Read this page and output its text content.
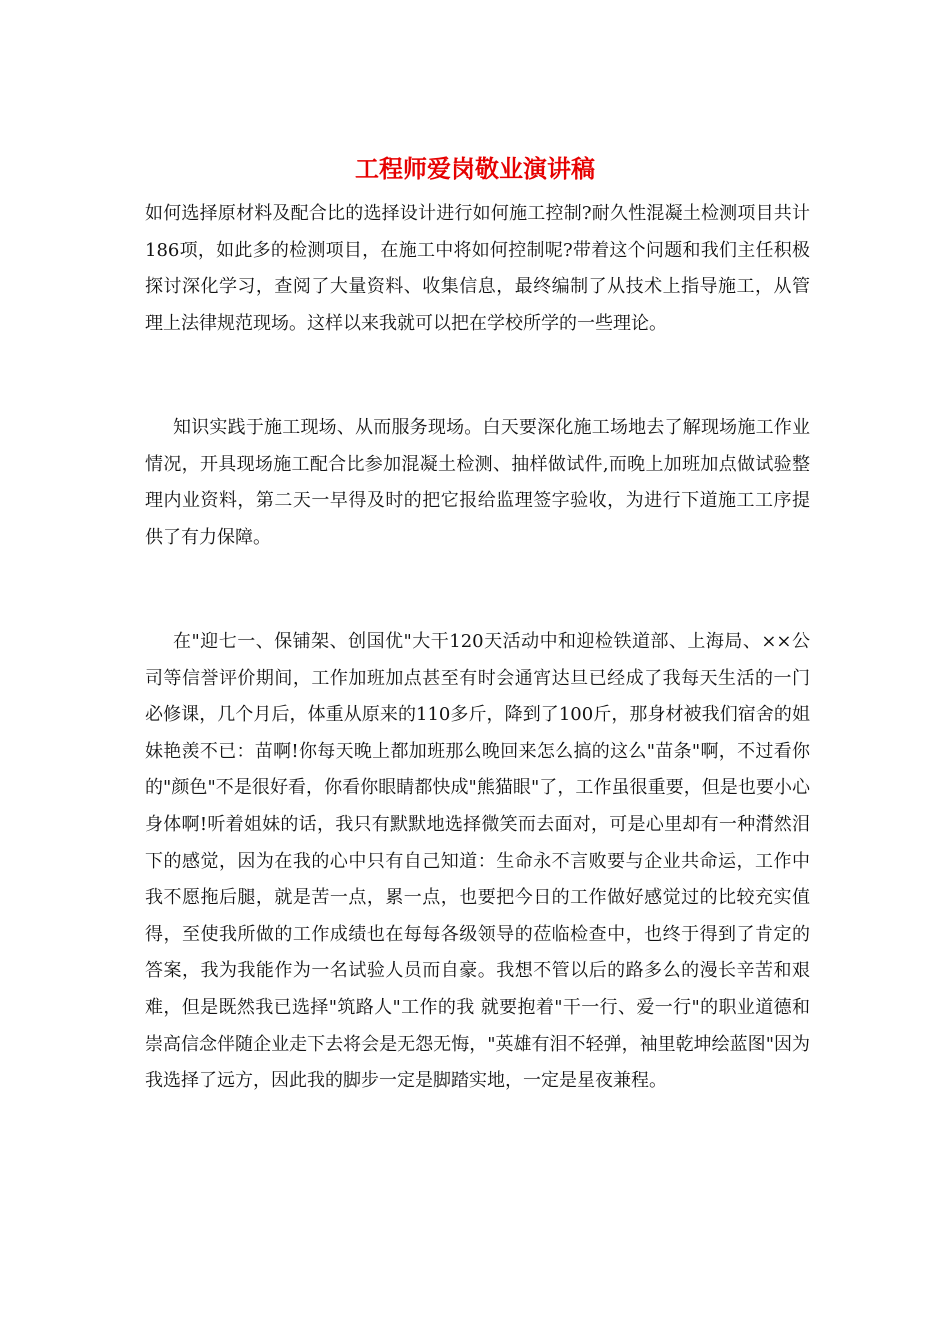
工程师爱岗敬业演讲稿

如何选择原材料及配合比的选择设计进行如何施工控制?耐久性混凝土检测项目共计186项，如此多的检测项目，在施工中将如何控制呢?带着这个问题和我们主任积极探讨深化学习，查阅了大量资料、收集信息，最终编制了从技术上指导施工，从管理上法律规范现场。这样以来我就可以把在学校所学的一些理论。

知识实践于施工现场、从而服务现场。白天要深化施工场地去了解现场施工作业情况，开具现场施工配合比参加混凝土检测、抽样做试件,而晚上加班加点做试验整理内业资料，第二天一早得及时的把它报给监理签字验收，为进行下道施工工序提供了有力保障。

在"迎七一、保铺架、创国优"大干120天活动中和迎检铁道部、上海局、××公司等信誉评价期间，工作加班加点甚至有时会通宵达旦已经成了我每天生活的一门必修课，几个月后，体重从原来的110多斤，降到了100斤，那身材被我们宿舍的姐妹艳羡不已：苗啊!你每天晚上都加班那么晚回来怎么搞的这么"苗条"啊，不过看你的"颜色"不是很好看，你看你眼睛都快成"熊猫眼"了，工作虽很重要，但是也要小心身体啊!听着姐妹的话，我只有默默地选择微笑而去面对，可是心里却有一种潸然泪下的感觉，因为在我的心中只有自己知道：生命永不言败要与企业共命运，工作中我不愿拖后腿，就是苦一点，累一点，也要把今日的工作做好感觉过的比较充实值得，至使我所做的工作成绩也在每每各级领导的莅临检查中，也终于得到了肯定的答案，我为我能作为一名试验人员而自豪。我想不管以后的路多么的漫长辛苦和艰难，但是既然我已选择"筑路人"工作的我 就要抱着"干一行、爱一行"的职业道德和崇高信念伴随企业走下去将会是无怨无悔，"英雄有泪不轻弹，袖里乾坤绘蓝图"因为我选择了远方，因此我的脚步一定是脚踏实地，一定是星夜兼程。
